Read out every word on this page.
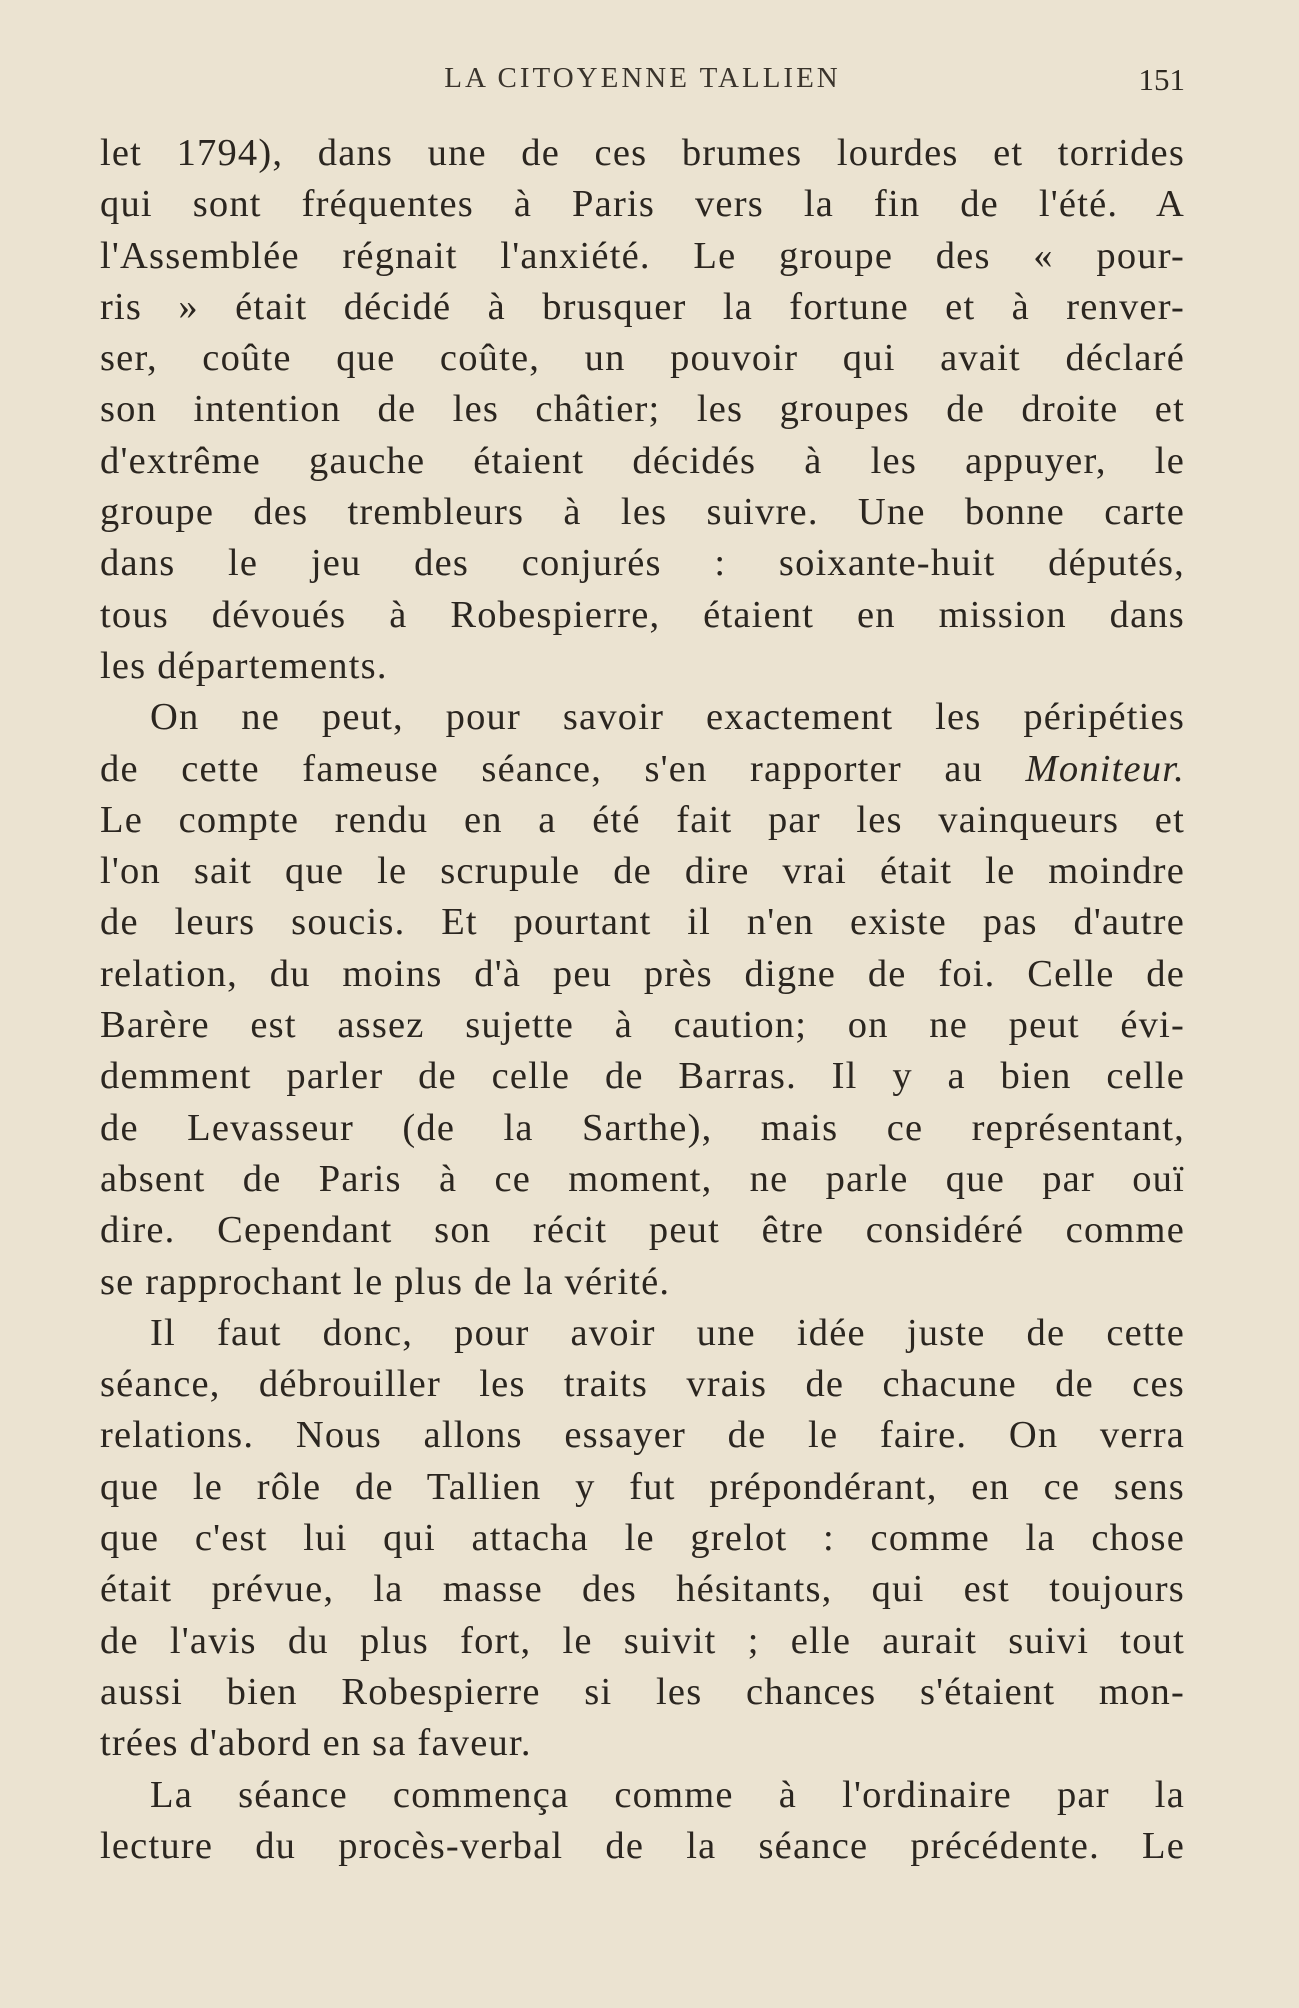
LA CITOYENNE TALLIEN	151
let 1794), dans une de ces brumes lourdes et torrides
qui sont fréquentes à Paris vers la fin de l'été. A
l'Assemblée régnait l'anxiété. Le groupe des « pour-
ris » était décidé à brusquer la fortune et à renver-
ser, coûte que coûte, un pouvoir qui avait déclaré
son intention de les châtier; les groupes de droite et
d'extrême gauche étaient décidés à les appuyer, le
groupe des trembleurs à les suivre. Une bonne carte
dans le jeu des conjurés : soixante-huit députés,
tous dévoués à Robespierre, étaient en mission dans
les départements.
On ne peut, pour savoir exactement les péripéties
de cette fameuse séance, s'en rapporter au Moniteur.
Le compte rendu en a été fait par les vainqueurs et
l'on sait que le scrupule de dire vrai était le moindre
de leurs soucis. Et pourtant il n'en existe pas d'autre
relation, du moins d'à peu près digne de foi. Celle de
Barère est assez sujette à caution; on ne peut évi-
demment parler de celle de Barras. Il y a bien celle
de Levasseur (de la Sarthe), mais ce représentant,
absent de Paris à ce moment, ne parle que par ouï
dire. Cependant son récit peut être considéré comme
se rapprochant le plus de la vérité.
Il faut donc, pour avoir une idée juste de cette
séance, débrouiller les traits vrais de chacune de ces
relations. Nous allons essayer de le faire. On verra
que le rôle de Tallien y fut prépondérant, en ce sens
que c'est lui qui attacha le grelot : comme la chose
était prévue, la masse des hésitants, qui est toujours
de l'avis du plus fort, le suivit ; elle aurait suivi tout
aussi bien Robespierre si les chances s'étaient mon-
trées d'abord en sa faveur.
La séance commença comme à l'ordinaire par la
lecture du procès-verbal de la séance précédente. Le
